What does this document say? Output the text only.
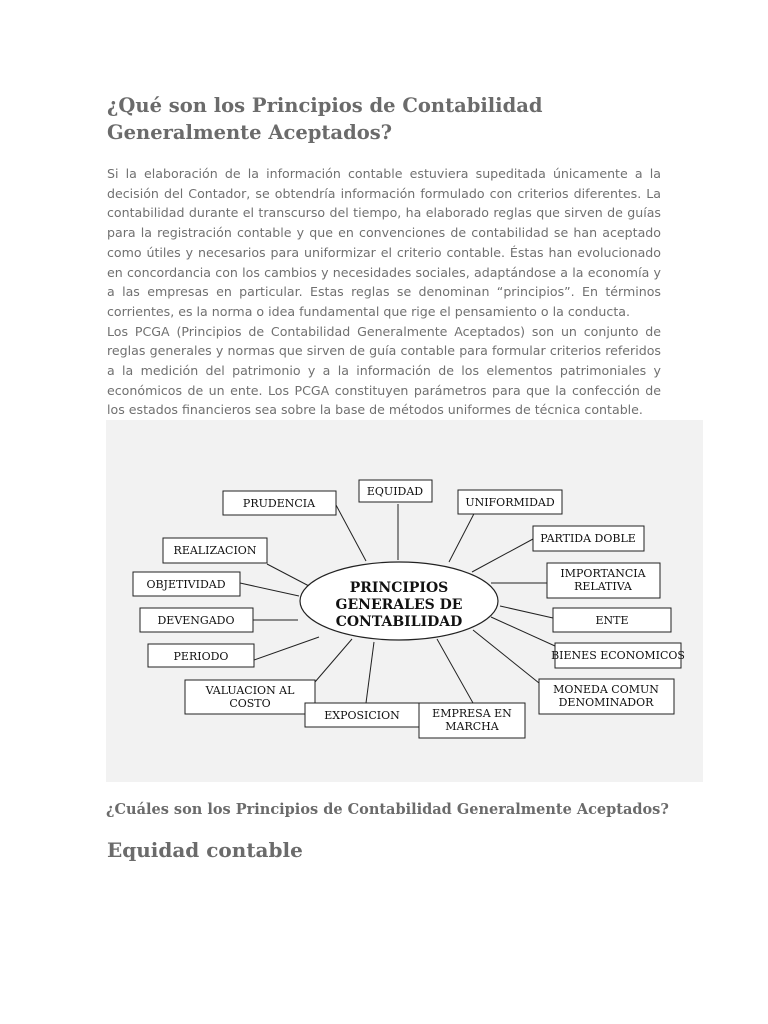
¿Qué son los Principios de Contabilidad Generalmente Aceptados?

Si la elaboración de la información contable estuviera supeditada únicamente a la decisión del Contador, se obtendría información formulado con criterios diferentes. La contabilidad durante el transcurso del tiempo, ha elaborado reglas que sirven de guías para la registración contable y que en convenciones de contabilidad se han aceptado como útiles y necesarios para uniformizar el criterio contable. Éstas han evolucionado en concordancia con los cambios y necesidades sociales, adaptándose a la economía y a las empresas en particular. Estas reglas se denominan “principios”. En términos corrientes, es la norma o idea fundamental que rige el pensamiento o la conducta.

Los PCGA (Principios de Contabilidad Generalmente Aceptados) son un conjunto de reglas generales y normas que sirven de guía contable para formular criterios referidos a la medición del patrimonio y a la información de los elementos patrimoniales y económicos de un ente. Los PCGA constituyen parámetros para que la confección de los estados financieros sea sobre la base de métodos uniformes de técnica contable.

PRINCIPIOS
GENERALES DE
CONTABILIDAD
EQUIDAD
PRUDENCIA	UNIFORMIDAD
PARTIDA DOBLE
REALIZACION
IMPORTANCIA
RELATIVA
OBJETIVIDAD
DEVENGADO	ENTE
PERIODO	BIENES ECONOMICOS
VALUACION AL
COSTO
MONEDA COMUN
DENOMINADOR
EXPOSICION	EMPRESA EN
MARCHA
¿Cuáles son los Principios de Contabilidad Generalmente Aceptados?
Equidad contable
